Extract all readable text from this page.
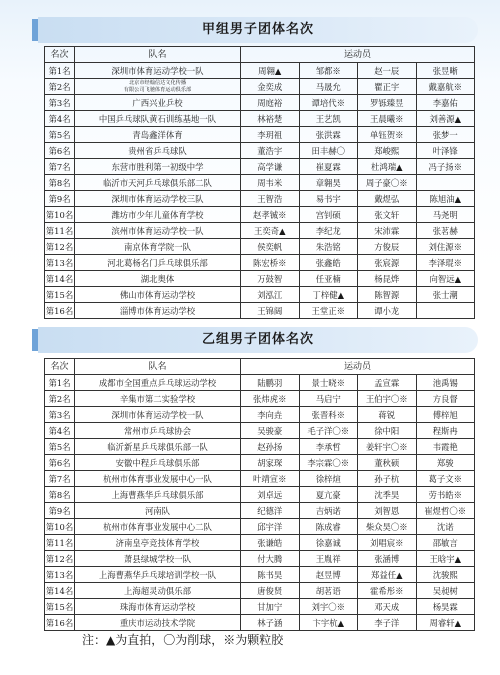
甲组男子团体名次
名次	队名	运动员			
第1名	深圳市体育运动学校一队	周翱▲	邹都※	赵一辰	张昱晰
第2名	北京市经翰信达文化传播
有限公司飞驰体育运动俱乐部	金奕成	马晟允	瞿正宇	戴嘉航※
第3名	广西兴业乒校	周庭裕	谭培代※	罗铄臻昱	李嘉佑
第4名	中国乒乓球队黄石训练基地一队	林裕楚	王艺凯	王晨曦※	刘善源▲
第5名	青岛鑫洋体育	李玥祖	张洪霖	单钰贺※	张梦一
第6名	贵州省乒乓球队	董浩宇	田丰赫〇	郑峻熙	叶泽锋
第7名	东营市胜利第一初级中学	高学谦	崔夏霖	杜鸿瑞▲	冯子扬※
第8名	临沂市天河乒乓球俱乐部二队	周韦米	章翱昊	周子豪〇※	
第9名	深圳市体育运动学校三队	王智浩	易书宇	戴煜弘	陈旭油▲
第10名	潍坊市少年儿童体育学校	赵孝铖※	宫钊硕	张文轩	马尧明
第11名	滨州市体育运动学校一队	王奕奇▲	李纪龙	宋沛霖	张茗赫
第12名	南京体育学院一队	侯奕帆	朱浩铭	方俊辰	刘住源※
第13名	河北葛杨名门乒乓球俱乐部	陈宏桥※	张鑫皓	张宸源	李泽琨※
第14名	湖北奥体	万鼓智	任亚楠	杨昆烨	向智远▲
第15名	佛山市体育运动学校	刘泓江	丁梓健▲	陈智源	张士潮
第16名	淄博市体育运动学校	王锦阔	王堂正※	谭小龙	
乙组男子团体名次
名次	队名	运动员			
第1名	成都市全国重点乒乓球运动学校	陆鹏羽	景士晓※	孟宣霖	池禹锡
第2名	辛集市第二实验学校	张炜虎※	马启宁	王伯宇〇※	方良督
第3名	深圳市体育运动学校一队	李向垚	张晋科※	蒋锐	傅梓旭
第4名	常州市乒乓球协会	吴骏豪	毛子洋〇※	徐中阳	程斯冉
第5名	临沂新星乒乓球俱乐部一队	赵孙扬	李承哲	姜轩宇〇※	韦霞艳
第6名	安徽中程乒乓球俱乐部	胡家琛	李宗霖〇※	董秋硕	郑骏
第7名	杭州市体育事业发展中心一队	叶靖宣※	徐梓煊	孙子杭	葛子文※
第8名	上海曹燕华乒乓球俱乐部	刘卓远	夏亢豪	沈季昊	劳书皓※
第9名	河南队	纪德洋	吉炳诺	刘智恩	崔煜哲〇※
第10名	杭州市体育事业发展中心二队	邱宇洋	陈成睿	柴众昊〇※	沈诺
第11名	济南皇亭竞技体育学校	张谦皓	徐嘉诚	刘唱宸※	邵敏言
第12名	萧县绿城学校一队	付大腾	王胤祥	张涵博	王晗宇▲
第13名	上海曹燕华乒乓球培训学校一队	陈书昊	赵昱博	郑益任▲	沈骏熙
第14名	上海超灵动俱乐部	唐俊贤	胡茗语	霍希彤※	吴昶树
第15名	珠海市体育运动学校	甘加宁	刘宇〇※	邓天成	杨昊霖
第16名	重庆市运动技术学院	林子涵	卞宇杭▲	李子洋	周睿轩▲
注：▲为直拍，〇为削球，※为颗粒胶
